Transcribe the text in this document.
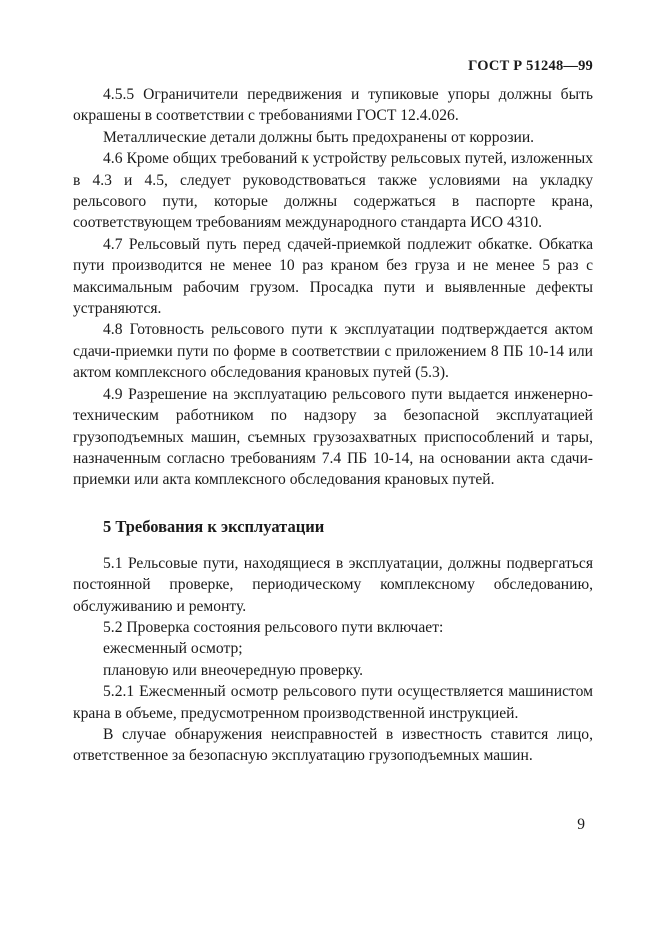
ГОСТ Р 51248—99

4.5.5 Ограничители передвижения и тупиковые упоры должны быть окрашены в соответствии с требованиями ГОСТ 12.4.026.

Металлические детали должны быть предохранены от коррозии.

4.6 Кроме общих требований к устройству рельсовых путей, изложенных в 4.3 и 4.5, следует руководствоваться также условиями на укладку рельсового пути, которые должны содержаться в паспорте крана, соответствующем требованиям международного стандарта ИСО 4310.

4.7 Рельсовый путь перед сдачей-приемкой подлежит обкатке. Обкатка пути производится не менее 10 раз краном без груза и не менее 5 раз с максимальным рабочим грузом. Просадка пути и выявленные дефекты устраняются.

4.8 Готовность рельсового пути к эксплуатации подтверждается актом сдачи-приемки пути по форме в соответствии с приложением 8 ПБ 10-14 или актом комплексного обследования крановых путей (5.3).

4.9 Разрешение на эксплуатацию рельсового пути выдается инженерно-техническим работником по надзору за безопасной эксплуатацией грузоподъемных машин, съемных грузозахватных приспособлений и тары, назначенным согласно требованиям 7.4 ПБ 10-14, на основании акта сдачи-приемки или акта комплексного обследования крановых путей.

5 Требования к эксплуатации

5.1 Рельсовые пути, находящиеся в эксплуатации, должны подвергаться постоянной проверке, периодическому комплексному обследованию, обслуживанию и ремонту.

5.2 Проверка состояния рельсового пути включает:

ежесменный осмотр;

плановую или внеочередную проверку.

5.2.1 Ежесменный осмотр рельсового пути осуществляется машинистом крана в объеме, предусмотренном производственной инструкцией.

В случае обнаружения неисправностей в известность ставится лицо, ответственное за безопасную эксплуатацию грузоподъемных машин.

9
